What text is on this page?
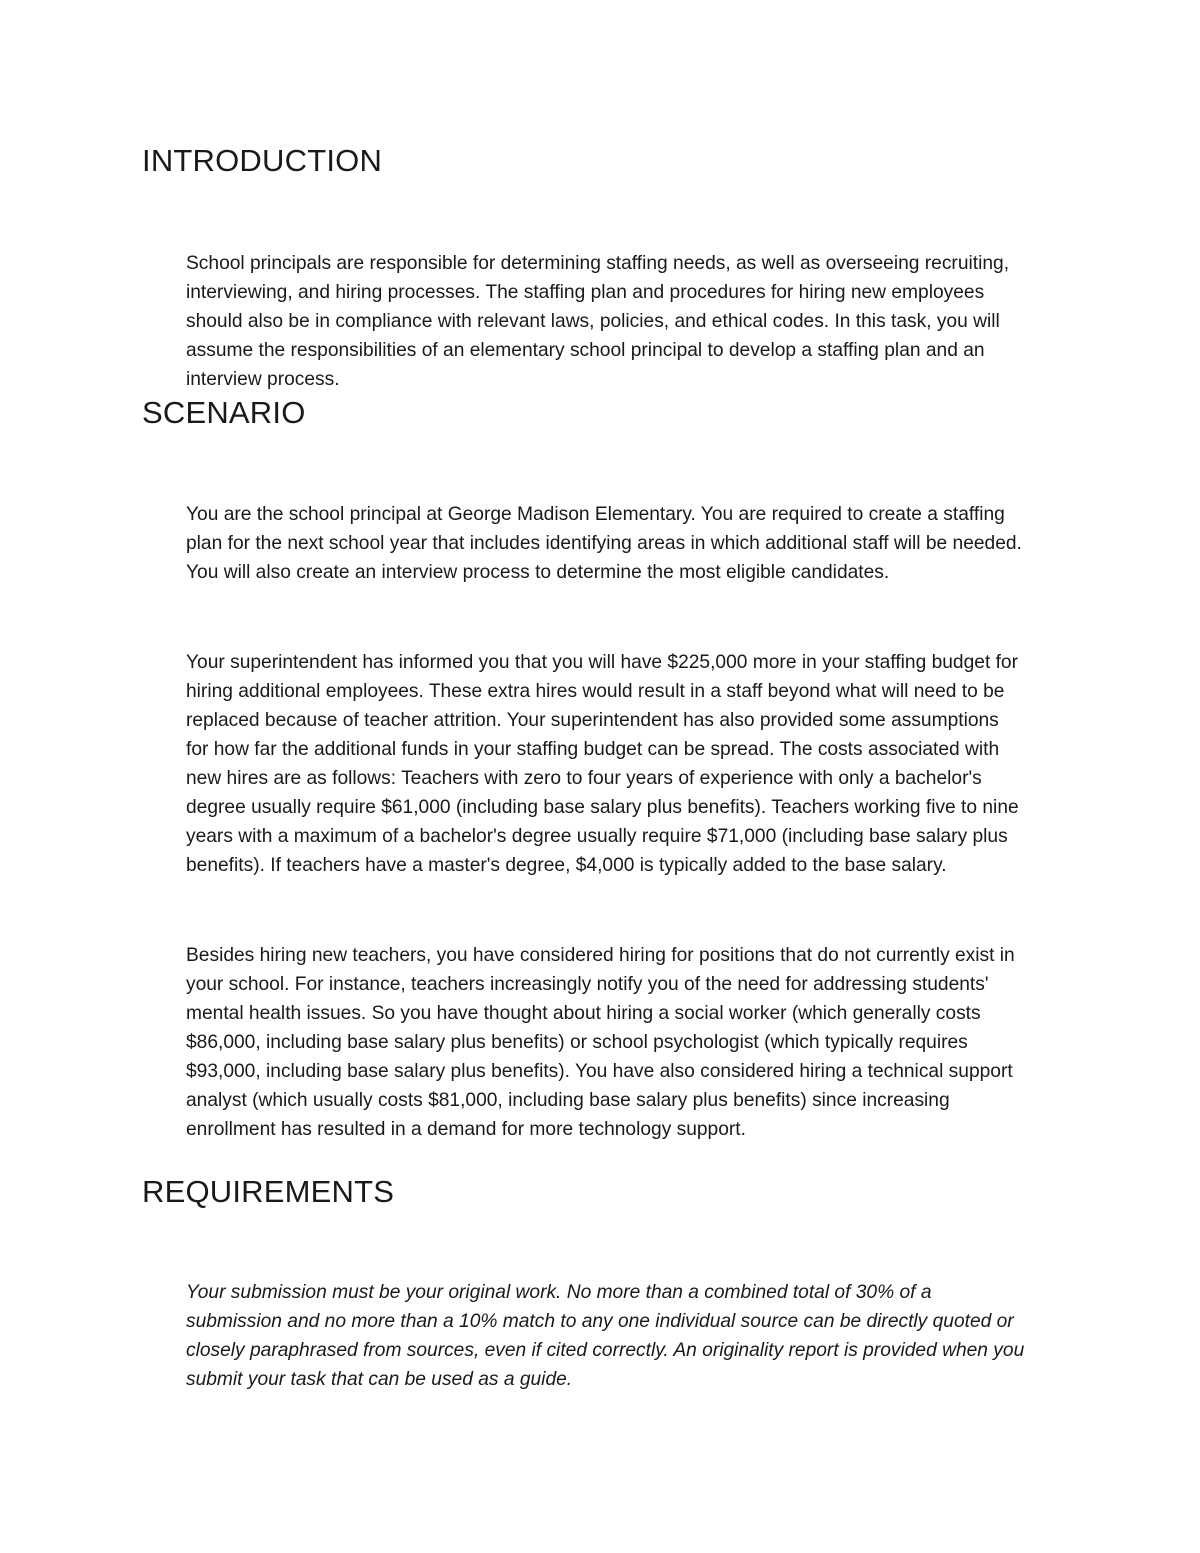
INTRODUCTION

School principals are responsible for determining staffing needs, as well as overseeing recruiting, interviewing, and hiring processes. The staffing plan and procedures for hiring new employees should also be in compliance with relevant laws, policies, and ethical codes. In this task, you will assume the responsibilities of an elementary school principal to develop a staffing plan and an interview process.

SCENARIO

You are the school principal at George Madison Elementary. You are required to create a staffing plan for the next school year that includes identifying areas in which additional staff will be needed. You will also create an interview process to determine the most eligible candidates.

Your superintendent has informed you that you will have $225,000 more in your staffing budget for hiring additional employees. These extra hires would result in a staff beyond what will need to be replaced because of teacher attrition. Your superintendent has also provided some assumptions for how far the additional funds in your staffing budget can be spread. The costs associated with new hires are as follows: Teachers with zero to four years of experience with only a bachelor's degree usually require $61,000 (including base salary plus benefits). Teachers working five to nine years with a maximum of a bachelor's degree usually require $71,000 (including base salary plus benefits). If teachers have a master's degree, $4,000 is typically added to the base salary.

Besides hiring new teachers, you have considered hiring for positions that do not currently exist in your school. For instance, teachers increasingly notify you of the need for addressing students' mental health issues. So you have thought about hiring a social worker (which generally costs $86,000, including base salary plus benefits) or school psychologist (which typically requires $93,000, including base salary plus benefits). You have also considered hiring a technical support analyst (which usually costs $81,000, including base salary plus benefits) since increasing enrollment has resulted in a demand for more technology support.

REQUIREMENTS

Your submission must be your original work. No more than a combined total of 30% of a submission and no more than a 10% match to any one individual source can be directly quoted or closely paraphrased from sources, even if cited correctly. An originality report is provided when you submit your task that can be used as a guide.
